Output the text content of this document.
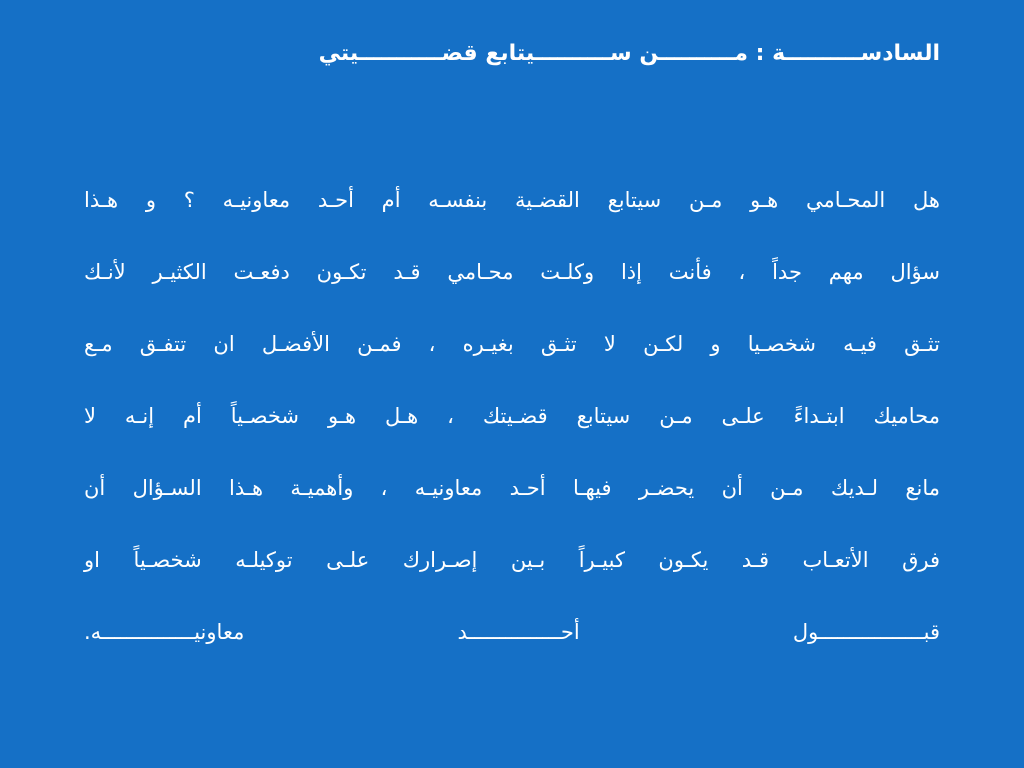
السادســــــــــة : مــــــــــن ســــــــــيتابع قضـــــــــــيتي
هل المحـامي هـو مـن سيتابع القضـية بنفسـه أم أحـد معاونيـه ؟ و هـذا
سؤال مهم جداً ، فأنت إذا وكلـت محـامي قـد تكـون دفعـت الكثيـر لأنـك
تثـق فيـه شخصـيا و لكـن لا تثـق بغيـره ، فمـن الأفضـل ان تتفـق مـع
محاميك ابتـداءً علـى مـن سيتابع قضـيتك ، هـل هـو شخصـياً أم إنـه لا
مانع لـديك مـن أن يحضـر فيهـا أحـد معاونيـه ، وأهميـة هـذا السـؤال أن
فرق الأتعـاب قـد يكـون كبيـراً بـين إصـرارك علـى توكيلـه شخصـياً او
قبـــــــــــــــــول أحـــــــــــــــد معاونيـــــــــــــــه.
